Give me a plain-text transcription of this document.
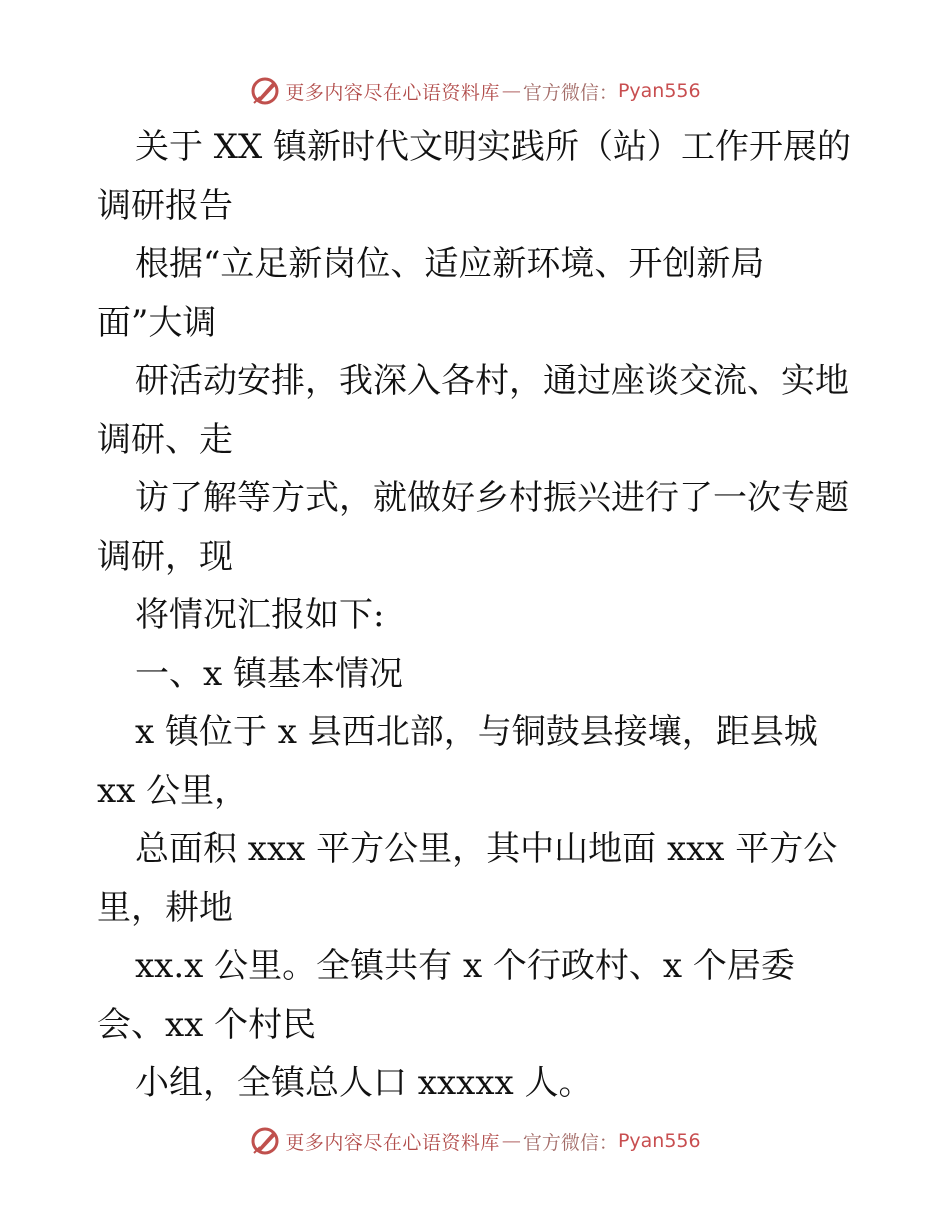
更多内容尽在心语资料库 — 官方微信： Pyan556
关于 XX 镇新时代文明实践所（站）工作开展的
调研报告
根据“立足新岗位、适应新环境、开创新局
面”大调
研活动安排，我深入各村，通过座谈交流、实地
调研、走
访了解等方式，就做好乡村振兴进行了一次专题
调研，现
将情况汇报如下:
一、x 镇基本情况
x 镇位于 x 县西北部，与铜鼓县接壤，距县城
xx 公里，
总面积 xxx 平方公里，其中山地面 xxx 平方公
里，耕地
xx.x 公里。全镇共有 x 个行政村、x 个居委
会、xx 个村民
小组，全镇总人口 xxxxx 人。
更多内容尽在心语资料库 — 官方微信： Pyan556
